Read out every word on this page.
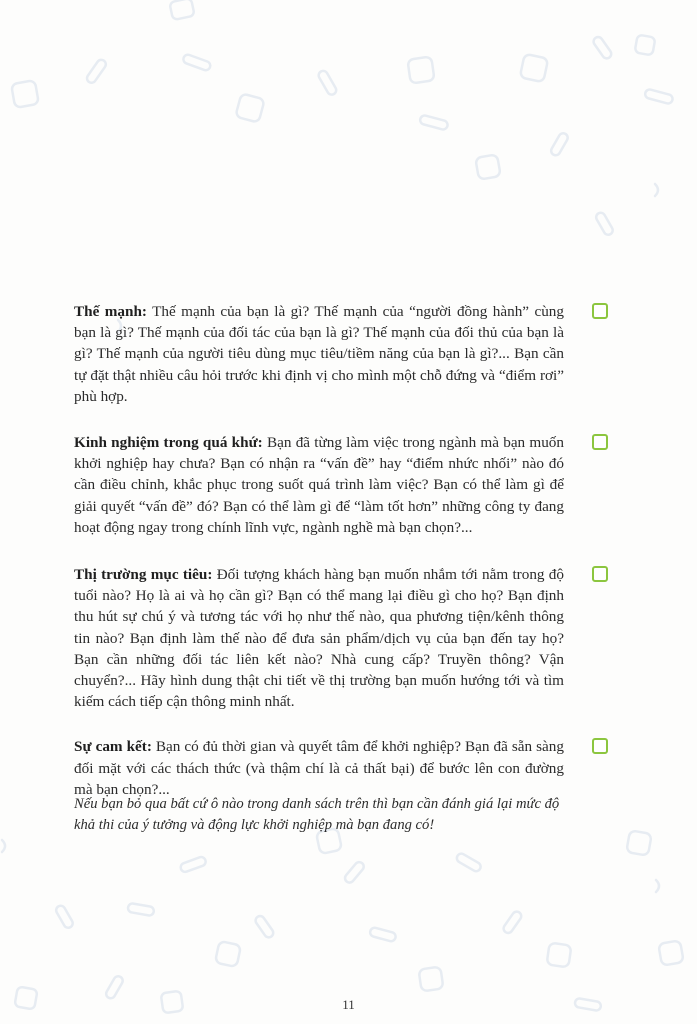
Thế mạnh: Thế mạnh của bạn là gì? Thế mạnh của “người đồng hành” cùng bạn là gì? Thế mạnh của đối tác của bạn là gì? Thế mạnh của đối thủ của bạn là gì? Thế mạnh của người tiêu dùng mục tiêu/tiềm năng của bạn là gì?... Bạn cần tự đặt thật nhiều câu hỏi trước khi định vị cho mình một chỗ đứng và “điểm rơi” phù hợp.

Kinh nghiệm trong quá khứ: Bạn đã từng làm việc trong ngành mà bạn muốn khởi nghiệp hay chưa? Bạn có nhận ra “vấn đề” hay “điểm nhức nhối” nào đó cần điều chỉnh, khắc phục trong suốt quá trình làm việc? Bạn có thể làm gì để giải quyết “vấn đề” đó? Bạn có thể làm gì để “làm tốt hơn” những công ty đang hoạt động ngay trong chính lĩnh vực, ngành nghề mà bạn chọn?...

Thị trường mục tiêu: Đối tượng khách hàng bạn muốn nhắm tới nằm trong độ tuổi nào? Họ là ai và họ cần gì? Bạn có thể mang lại điều gì cho họ? Bạn định thu hút sự chú ý và tương tác với họ như thế nào, qua phương tiện/kênh thông tin nào? Bạn định làm thế nào để đưa sản phẩm/dịch vụ của bạn đến tay họ? Bạn cần những đối tác liên kết nào? Nhà cung cấp? Truyền thông? Vận chuyển?... Hãy hình dung thật chi tiết về thị trường bạn muốn hướng tới và tìm kiếm cách tiếp cận thông minh nhất.

Sự cam kết: Bạn có đủ thời gian và quyết tâm để khởi nghiệp? Bạn đã sẵn sàng đối mặt với các thách thức (và thậm chí là cả thất bại) để bước lên con đường mà bạn chọn?...

Nếu bạn bỏ qua bất cứ ô nào trong danh sách trên thì bạn cần đánh giá lại mức độ khả thi của ý tưởng và động lực khởi nghiệp mà bạn đang có!

11
